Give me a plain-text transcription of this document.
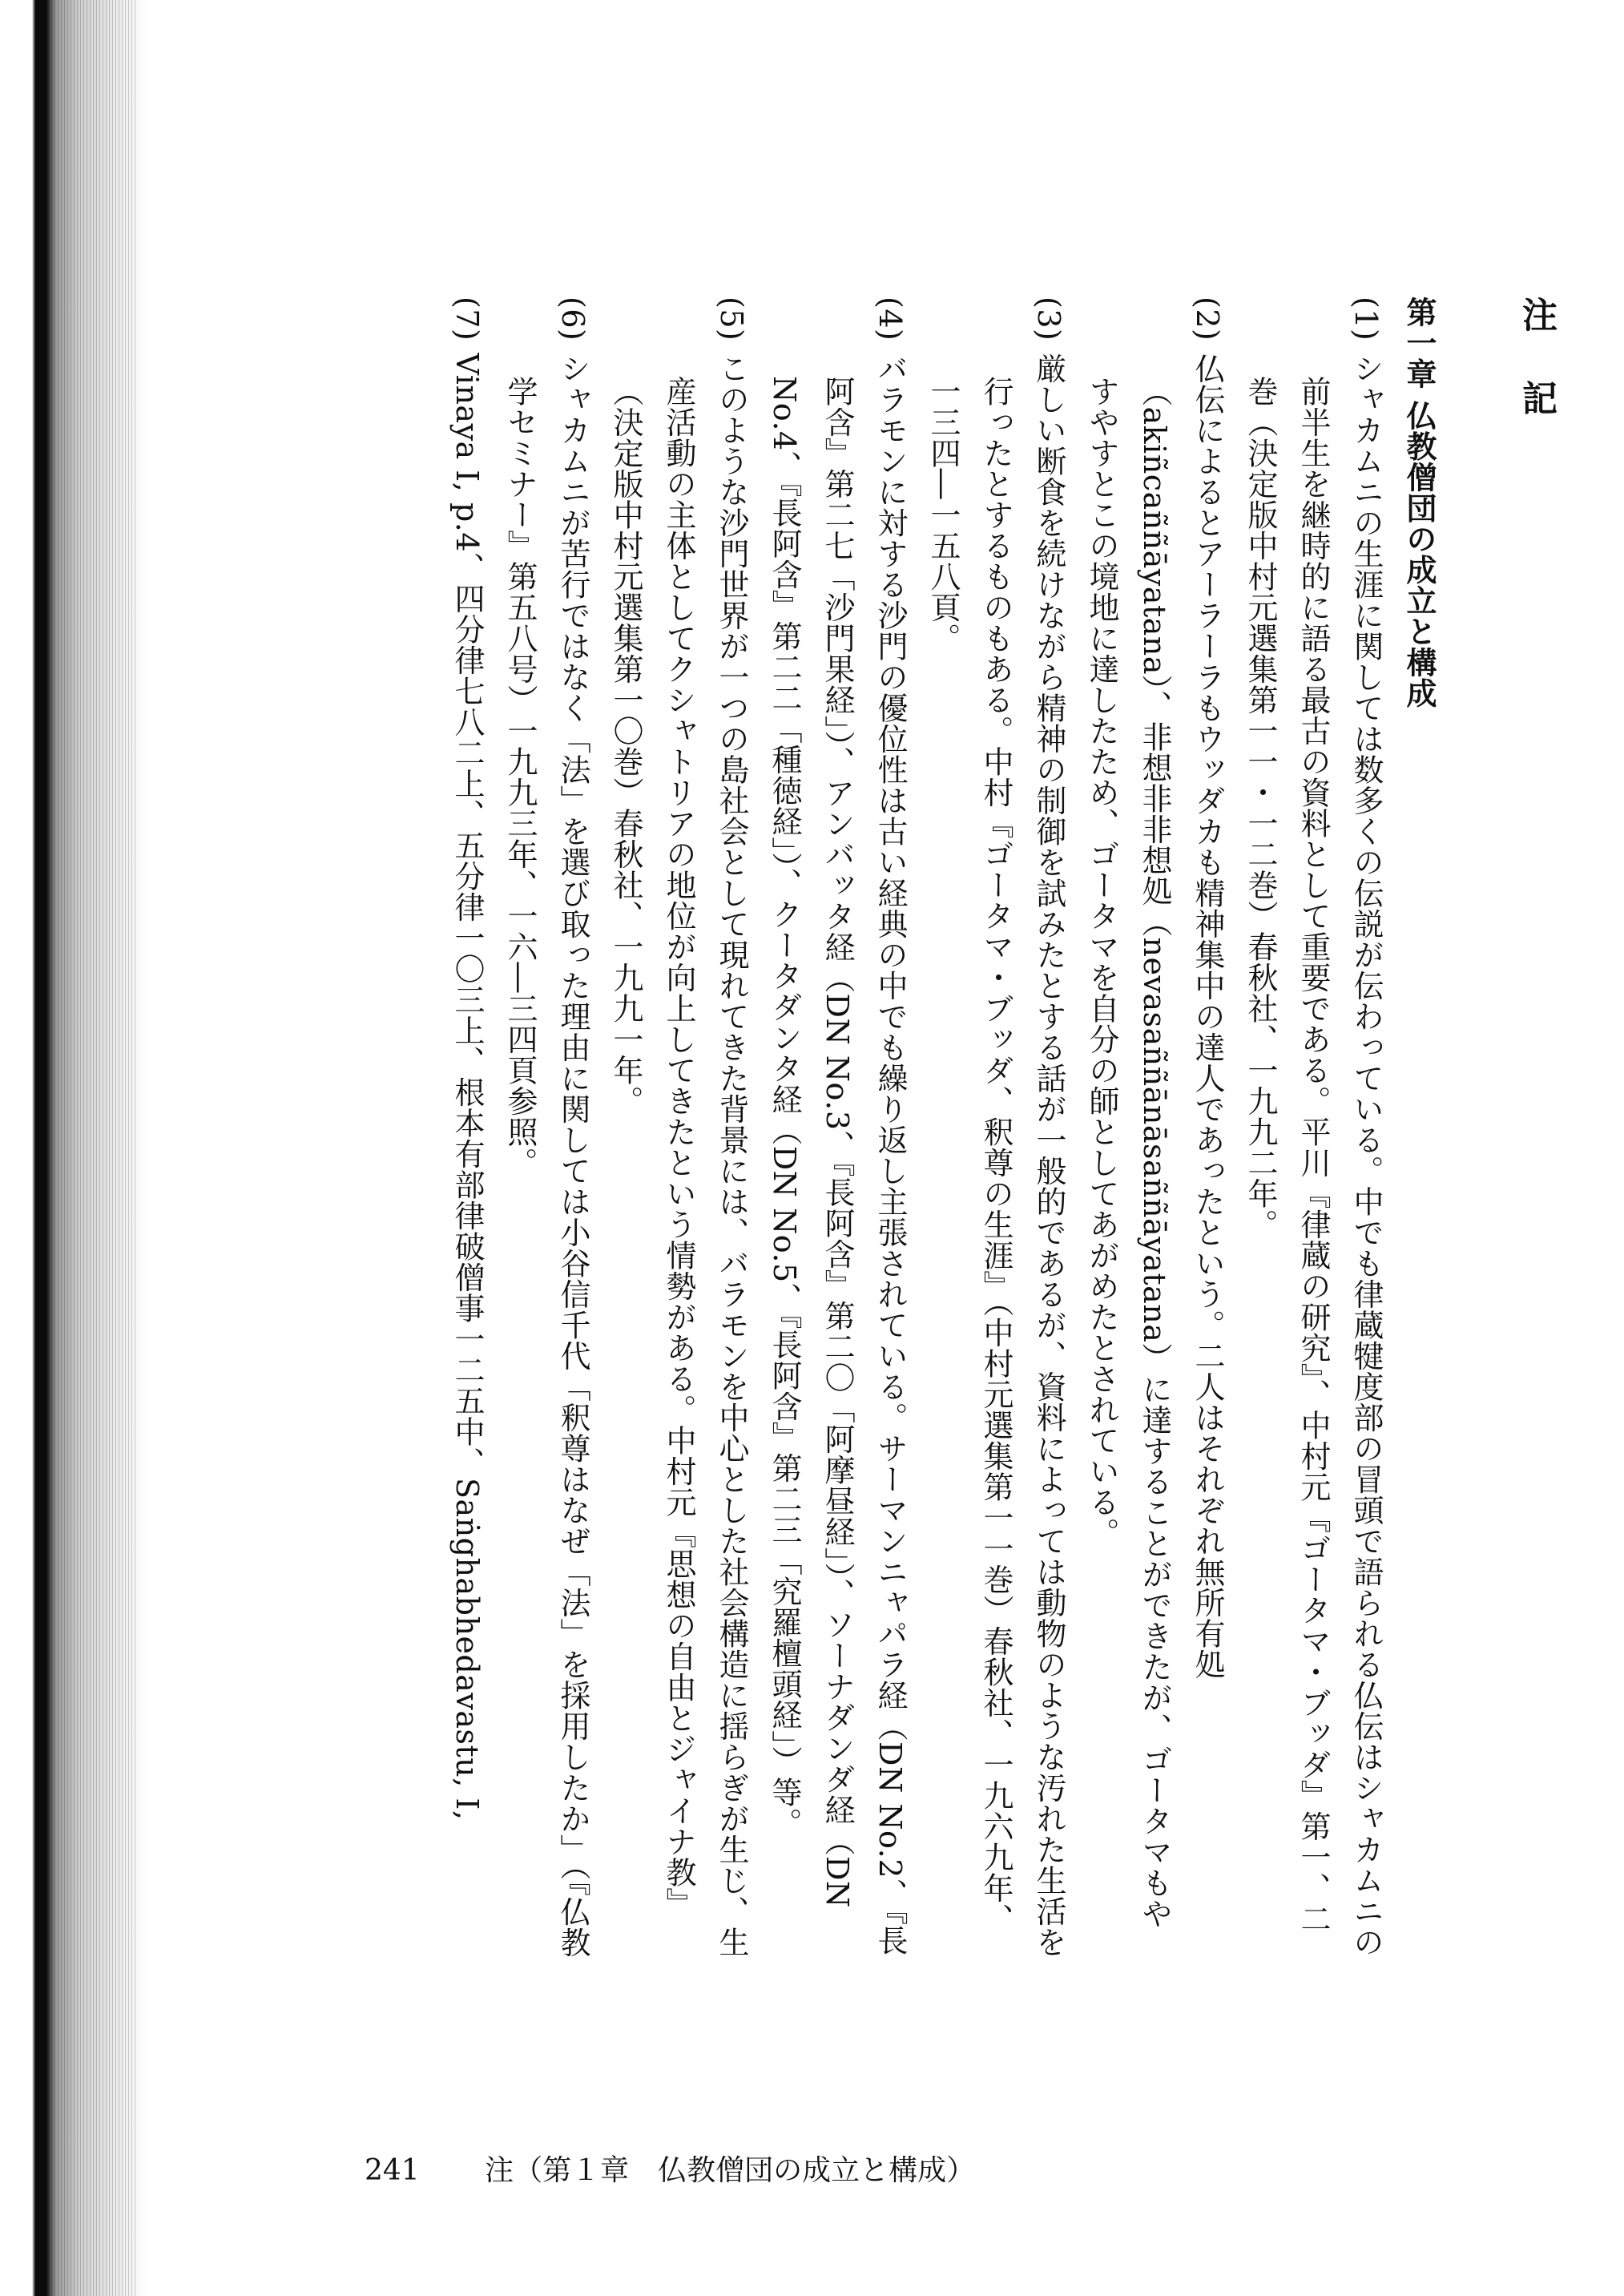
注記
第一章 仏教僧団の成立と構成
(1)シャカムニの生涯に関しては数多くの伝説が伝わっている。中でも律蔵犍度部の冒頭で語られる仏伝はシャカムニの前半生を継時的に語る最古の資料として重要である。平川『律蔵の研究』、中村元『ゴータマ・ブッダ』第一、二巻（決定版中村元選集第一一・一二巻）春秋社、一九九二年。
(2)仏伝によるとアーラーラもウッダカも精神集中の達人であったという。二人はそれぞれ無所有処（akiñcaññāyatana）、非想非非想処（nevasaññānāsaññāyatana）に達することができたが、ゴータマもやすやすとこの境地に達したため、ゴータマを自分の師としてあがめたとされている。
(3)厳しい断食を続けながら精神の制御を試みたとする話が一般的であるが、資料によっては動物のような汚れた生活を行ったとするものもある。中村『ゴータマ・ブッダ、釈尊の生涯』（中村元選集第一一巻）春秋社、一九六九年、一三四―一五八頁。
(4)バラモンに対する沙門の優位性は古い経典の中でも繰り返し主張されている。サーマンニャパラ経（DN No.2、『長阿含』第二七「沙門果経」）、アンバッタ経（DN No.3、『長阿含』第二〇「阿摩昼経」）、ソーナダンダ経（DN No.4、『長阿含』第二二「種徳経」）、クータダンタ経（DN No.5、『長阿含』第二三「究羅檀頭経」）等。
(5)このような沙門世界が一つの島社会として現れてきた背景には、バラモンを中心とした社会構造に揺らぎが生じ、生産活動の主体としてクシャトリアの地位が向上してきたという情勢がある。中村元『思想の自由とジャイナ教』（決定版中村元選集第一〇巻）春秋社、一九九一年。
(6)シャカムニが苦行ではなく「法」を選び取った理由に関しては小谷信千代「釈尊はなぜ「法」を採用したか」（『仏教学セミナー』第五八号）一九九三年、一六―三四頁参照。
(7)Vinaya I, p.4、四分律七八二上、五分律一〇三上、根本有部律破僧事一二五中、Saṅghabhedavastu, I,
241 注（第１章　仏教僧団の成立と構成）
